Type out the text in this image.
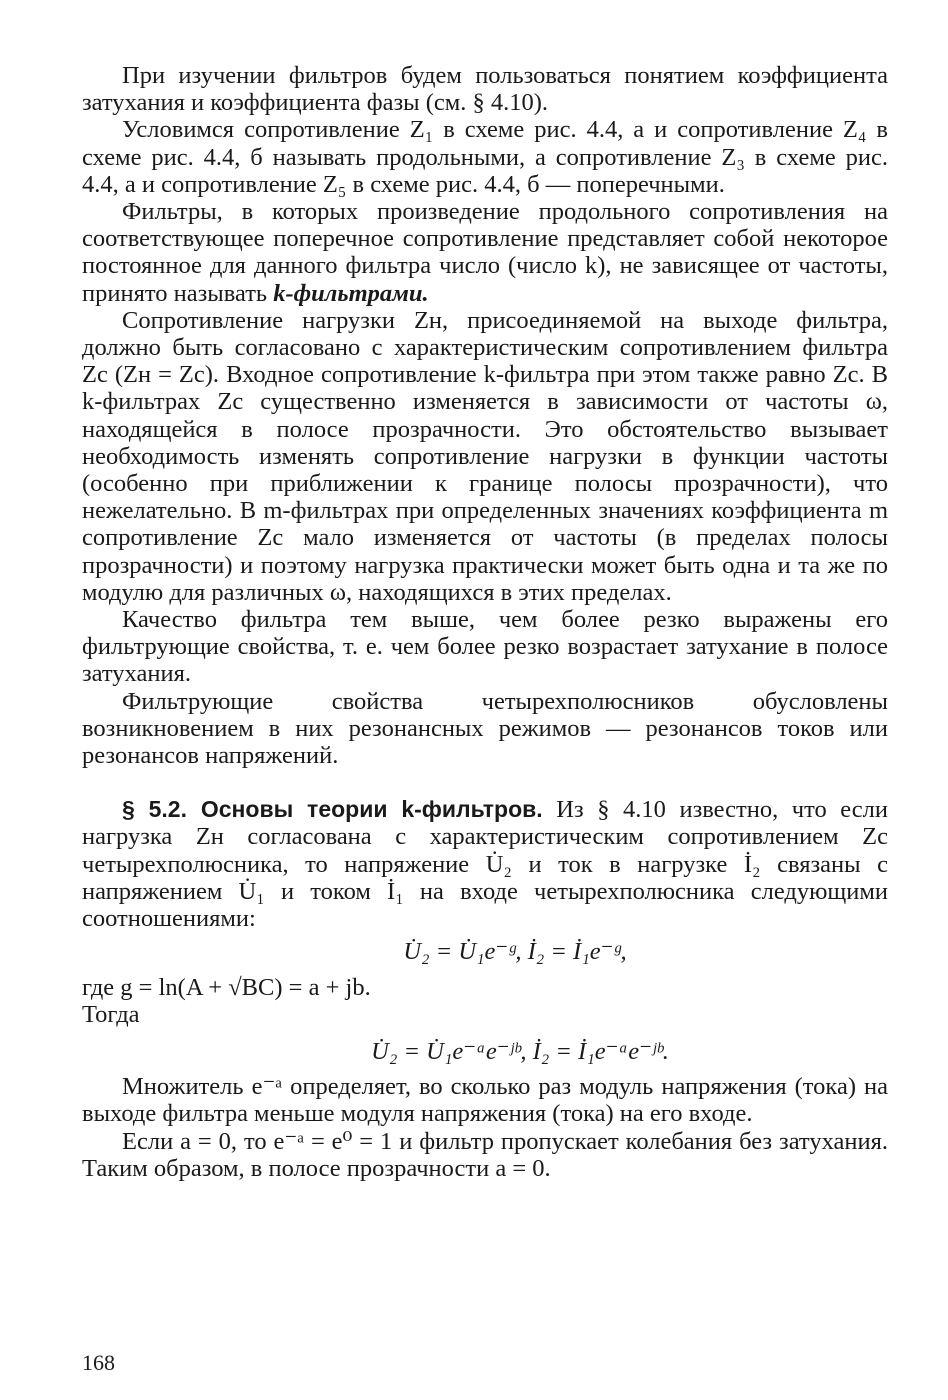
При изучении фильтров будем пользоваться понятием коэффициента затухания и коэффициента фазы (см. § 4.10).

Условимся сопротивление Z₁ в схеме рис. 4.4, а и сопротивление Z₄ в схеме рис. 4.4, б называть продольными, а сопротивление Z₃ в схеме рис. 4.4, а и сопротивление Z₅ в схеме рис. 4.4, б — поперечными.

Фильтры, в которых произведение продольного сопротивления на соответствующее поперечное сопротивление представляет собой некоторое постоянное для данного фильтра число (число k), не зависящее от частоты, принято называть k-фильтрами.

Сопротивление нагрузки Zн, присоединяемой на выходе фильтра, должно быть согласовано с характеристическим сопротивлением фильтра Zc (Zн = Zc). Входное сопротивление k-фильтра при этом также равно Zc. В k-фильтрах Zc существенно изменяется в зависимости от частоты ω, находящейся в полосе прозрачности. Это обстоятельство вызывает необходимость изменять сопротивление нагрузки в функции частоты (особенно при приближении к границе полосы прозрачности), что нежелательно. В m-фильтрах при определенных значениях коэффициента m сопротивление Zc мало изменяется от частоты (в пределах полосы прозрачности) и поэтому нагрузка практически может быть одна и та же по модулю для различных ω, находящихся в этих пределах.

Качество фильтра тем выше, чем более резко выражены его фильтрующие свойства, т. е. чем более резко возрастает затухание в полосе затухания.

Фильтрующие свойства четырехполюсников обусловлены возникновением в них резонансных режимов — резонансов токов или резонансов напряжений.

§ 5.2. Основы теории k-фильтров. Из § 4.10 известно, что если нагрузка Zн согласована с характеристическим сопротивлением Zc четырехполюсника, то напряжение U̇₂ и ток в нагрузке İ₂ связаны с напряжением U̇₁ и током İ₁ на входе четырехполюсника следующими соотношениями:

U̇₂ = U̇₁e⁻ᵍ, İ₂ = İ₁e⁻ᵍ,

где g = ln(A + √BC) = a + jb.

Тогда

U̇₂ = U̇₁e⁻ᵃe⁻ʲᵇ, İ₂ = İ₁e⁻ᵃe⁻ʲᵇ.

Множитель e⁻ᵃ определяет, во сколько раз модуль напряжения (тока) на выходе фильтра меньше модуля напряжения (тока) на его входе.

Если a = 0, то e⁻ᵃ = e⁰ = 1 и фильтр пропускает колебания без затухания. Таким образом, в полосе прозрачности a = 0.

168
